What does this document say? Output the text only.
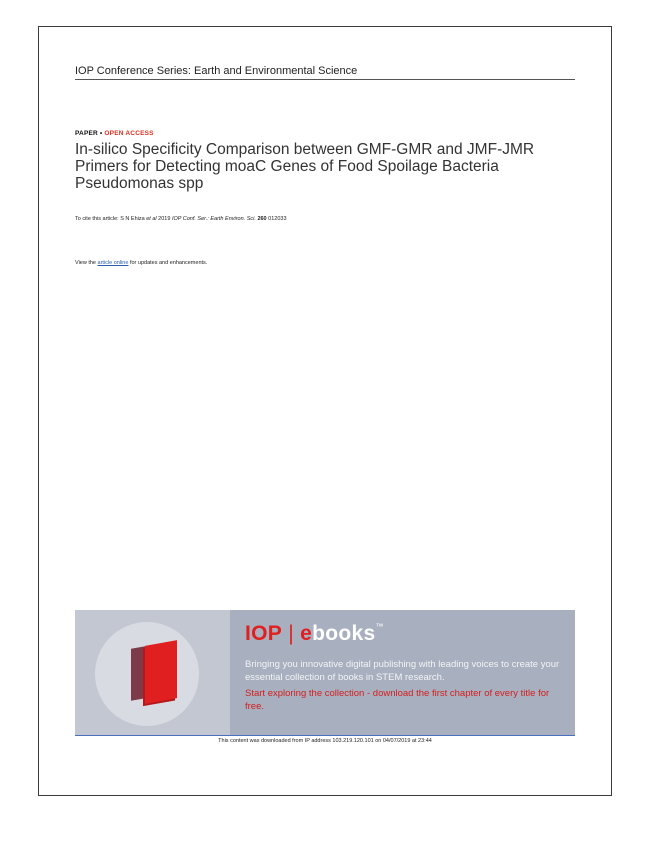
IOP Conference Series: Earth and Environmental Science
PAPER • OPEN ACCESS
In-silico Specificity Comparison between GMF-GMR and JMF-JMR Primers for Detecting moaC Genes of Food Spoilage Bacteria Pseudomonas spp
To cite this article: S N Ehiza et al 2019 IOP Conf. Ser.: Earth Environ. Sci. 260 012033
View the article online for updates and enhancements.
IOP | ebooks™
Bringing you innovative digital publishing with leading voices to create your essential collection of books in STEM research.
Start exploring the collection - download the first chapter of every title for free.
This content was downloaded from IP address 103.219.120.101 on 04/07/2019 at 23:44
